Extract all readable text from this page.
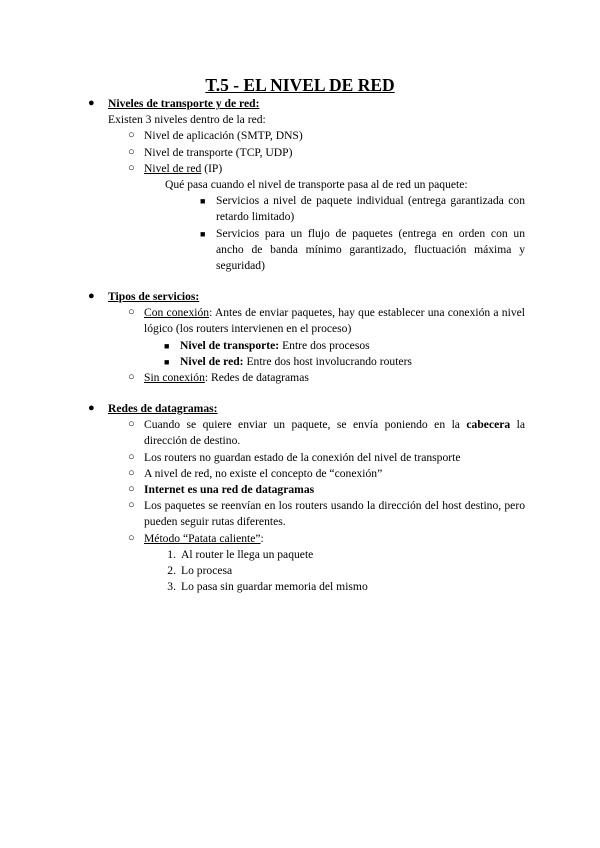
T.5 - EL NIVEL DE RED
● Niveles de transporte y de red:
Existen 3 niveles dentro de la red:
○ Nivel de aplicación (SMTP, DNS)
○ Nivel de transporte (TCP, UDP)
○ Nivel de red (IP)
Qué pasa cuando el nivel de transporte pasa al de red un paquete:
■ Servicios a nivel de paquete individual (entrega garantizada con retardo limitado)
■ Servicios para un flujo de paquetes (entrega en orden con un ancho de banda mínimo garantizado, fluctuación máxima y seguridad)
● Tipos de servicios:
○ Con conexión: Antes de enviar paquetes, hay que establecer una conexión a nivel lógico (los routers intervienen en el proceso)
■ Nivel de transporte: Entre dos procesos
■ Nivel de red: Entre dos host involucrando routers
○ Sin conexión: Redes de datagramas
● Redes de datagramas:
○ Cuando se quiere enviar un paquete, se envía poniendo en la cabecera la dirección de destino.
○ Los routers no guardan estado de la conexión del nivel de transporte
○ A nivel de red, no existe el concepto de “conexión”
○ Internet es una red de datagramas
○ Los paquetes se reenvían en los routers usando la dirección del host destino, pero pueden seguir rutas diferentes.
○ Método “Patata caliente”:
1. Al router le llega un paquete
2. Lo procesa
3. Lo pasa sin guardar memoria del mismo
